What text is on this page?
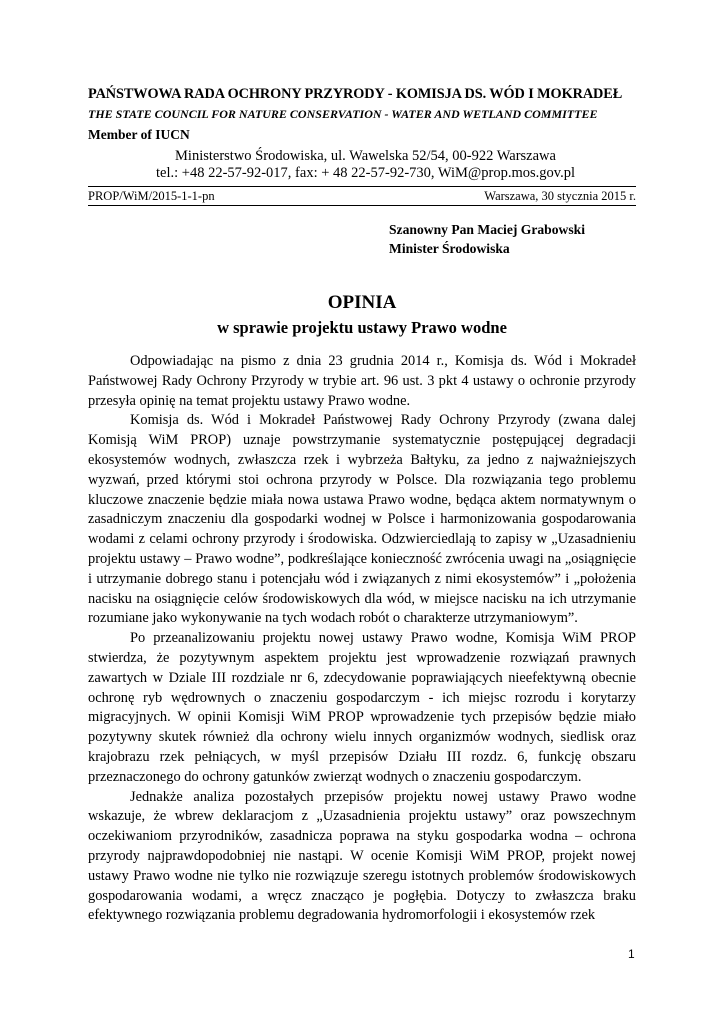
PAŃSTWOWA RADA OCHRONY PRZYRODY - KOMISJA DS. WÓD I MOKRADEŁ
THE STATE COUNCIL FOR NATURE CONSERVATION - WATER AND WETLAND COMMITTEE
Member of IUCN
Ministerstwo Środowiska, ul. Wawelska 52/54, 00-922 Warszawa
tel.: +48 22-57-92-017, fax: + 48 22-57-92-730, WiM@prop.mos.gov.pl
PROP/WiM/2015-1-1-pn	Warszawa, 30 stycznia 2015 r.
Szanowny Pan Maciej Grabowski
Minister Środowiska
OPINIA
w sprawie projektu ustawy Prawo wodne

Odpowiadając na pismo z dnia 23 grudnia 2014 r., Komisja ds. Wód i Mokradeł Państwowej Rady Ochrony Przyrody w trybie art. 96 ust. 3 pkt 4 ustawy o ochronie przyrody przesyła opinię na temat projektu ustawy Prawo wodne.

Komisja ds. Wód i Mokradeł Państwowej Rady Ochrony Przyrody (zwana dalej Komisją WiM PROP) uznaje powstrzymanie systematycznie postępującej degradacji ekosystemów wodnych, zwłaszcza rzek i wybrzeża Bałtyku, za jedno z najważniejszych wyzwań, przed którymi stoi ochrona przyrody w Polsce. Dla rozwiązania tego problemu kluczowe znaczenie będzie miała nowa ustawa Prawo wodne, będąca aktem normatywnym o zasadniczym znaczeniu dla gospodarki wodnej w Polsce i harmonizowania gospodarowania wodami z celami ochrony przyrody i środowiska. Odzwierciedlają to zapisy w „Uzasadnieniu projektu ustawy – Prawo wodne”, podkreślające konieczność zwrócenia uwagi na „osiągnięcie i utrzymanie dobrego stanu i potencjału wód i związanych z nimi ekosystemów” i „położenia nacisku na osiągnięcie celów środowiskowych dla wód, w miejsce nacisku na ich utrzymanie rozumiane jako wykonywanie na tych wodach robót o charakterze utrzymaniowym”.

Po przeanalizowaniu projektu nowej ustawy Prawo wodne, Komisja WiM PROP stwierdza, że pozytywnym aspektem projektu jest wprowadzenie rozwiązań prawnych zawartych w Dziale III rozdziale nr 6, zdecydowanie poprawiających nieefektywną obecnie ochronę ryb wędrownych o znaczeniu gospodarczym - ich miejsc rozrodu i korytarzy migracyjnych. W opinii Komisji WiM PROP wprowadzenie tych przepisów będzie miało pozytywny skutek również dla ochrony wielu innych organizmów wodnych, siedlisk oraz krajobrazu rzek pełniących, w myśl przepisów Działu III rozdz. 6, funkcję obszaru przeznaczonego do ochrony gatunków zwierząt wodnych o znaczeniu gospodarczym.

Jednakże analiza pozostałych przepisów projektu nowej ustawy Prawo wodne wskazuje, że wbrew deklaracjom z „Uzasadnienia projektu ustawy” oraz powszechnym oczekiwaniom przyrodników, zasadnicza poprawa na styku gospodarka wodna – ochrona przyrody najprawdopodobniej nie nastąpi. W ocenie Komisji WiM PROP, projekt nowej ustawy Prawo wodne nie tylko nie rozwiązuje szeregu istotnych problemów środowiskowych gospodarowania wodami, a wręcz znacząco je pogłębia. Dotyczy to zwłaszcza braku efektywnego rozwiązania problemu degradowania hydromorfologii i ekosystemów rzek

1
